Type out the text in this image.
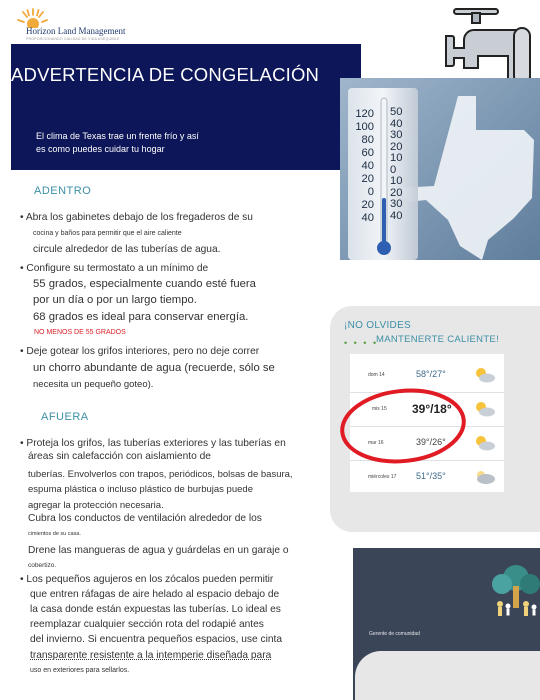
Horizon Land Management
PROPORCIONANDO CALIDAD DE VIDA ASEQUIBLE
ADVERTENCIA DE CONGELACIÓN
El clima de Texas trae un frente frío y así
es como puedes cuidar tu hogar
120
100
80
60
40
20
0
20
40
50
40
30
20
10
0
10
20
30
40
ADENTRO
• Abra los gabinetes debajo de los fregaderos de su
cocina y baños para permitir que el aire caliente
circule alrededor de las tuberías de agua.
• Configure su termostato a un mínimo de
55 grados, especialmente cuando esté fuera
por un día o por un largo tiempo.
68 grados es ideal para conservar energía.
NO MENOS DE 55 GRADOS
• Deje gotear los grifos interiores, pero no deje correr
un chorro abundante de agua (recuerde, sólo se
necesita un pequeño goteo).
AFUERA
• Proteja los grifos, las tuberías exteriores y las tuberías en
áreas sin calefacción con aislamiento de
tuberías. Envolverlos con trapos, periódicos, bolsas de basura,
espuma plástica o incluso plástico de burbujas puede
agregar la protección necesaria.
Cubra los conductos de ventilación alrededor de los
cimientos de su casa.
Drene las mangueras de agua y guárdelas en un garaje o
cobertizo.
• Los pequeños agujeros en los zócalos pueden permitir
que entren ráfagas de aire helado al espacio debajo de
la casa donde están expuestas las tuberías. Lo ideal es
reemplazar cualquier sección rota del rodapié antes
del invierno. Si encuentra pequeños espacios, use cinta
transparente resistente a la intemperie diseñada para
uso en exteriores para sellarlos.
¡NO OLVIDES
• • • •
MANTENERTE CALIENTE!
dom 14	58°/27°
mis 15 39°/18°
mar 16	39°/26°
miércoles 17 51°/35°
Gerente de comunidad
